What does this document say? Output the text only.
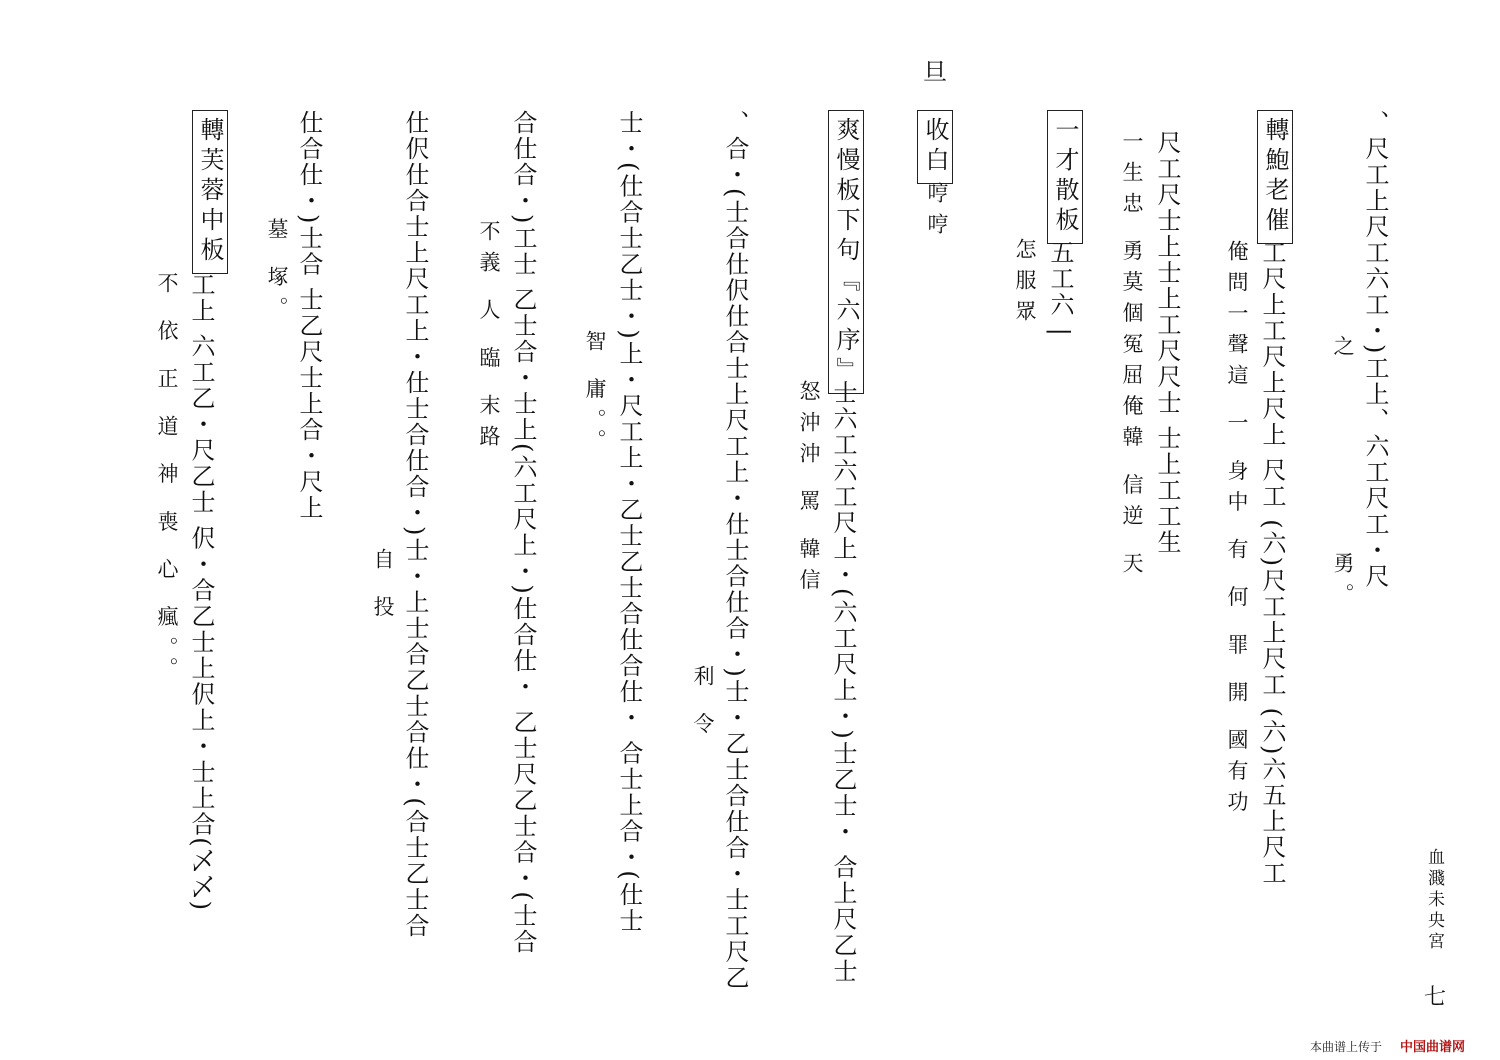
血濺未央宮
七
旦
、尺工上尺工六工・)工上、六工尺工・尺
之　　　　　　勇。
轉鮑老催
工尺上工尺上尺上 尺工 (六)尺工上尺工 (六)六五上尺工
俺問一聲這 一 身中 有 何 罪 開 國有功
尺工尺士上士上工尺尺士 士上工工生
一生忠 勇莫個冤屈俺韓 信逆 天
一才散板
五工六 |
怎服眾
收白
哼哼
爽慢板下句『六序』
士六工六工尺上・(六工尺上・)士乙士・ 合上尺乙士
怒沖沖 罵 韓信
、合・(士合仕伬仕合士上尺工上・仕士合仕合・)士・乙士合仕合・士工尺乙
利 令
士・(仕合士乙士・)上・尺工上・乙士乙士合仕合仕・ 合士上合・(仕士
智 庸。。
合仕合・)工士 乙士合・士上(六工尺上・)仕合仕・ 乙士尺乙士合・(士合
不義 人 臨 末路
仕伬仕合士上尺工上・仕士合仕合・)士・上士合乙士合仕・(合士乙士合
自 投
仕合仕・)士合 士乙尺士上合・尺上
墓 塚。
轉芙蓉中板
工上 六工乙・尺乙士 伬・合乙士上伬上・士上合(乄乄)
不 依 正 道 神 喪 心 瘋。。
本曲谱上传于 中国曲谱网
